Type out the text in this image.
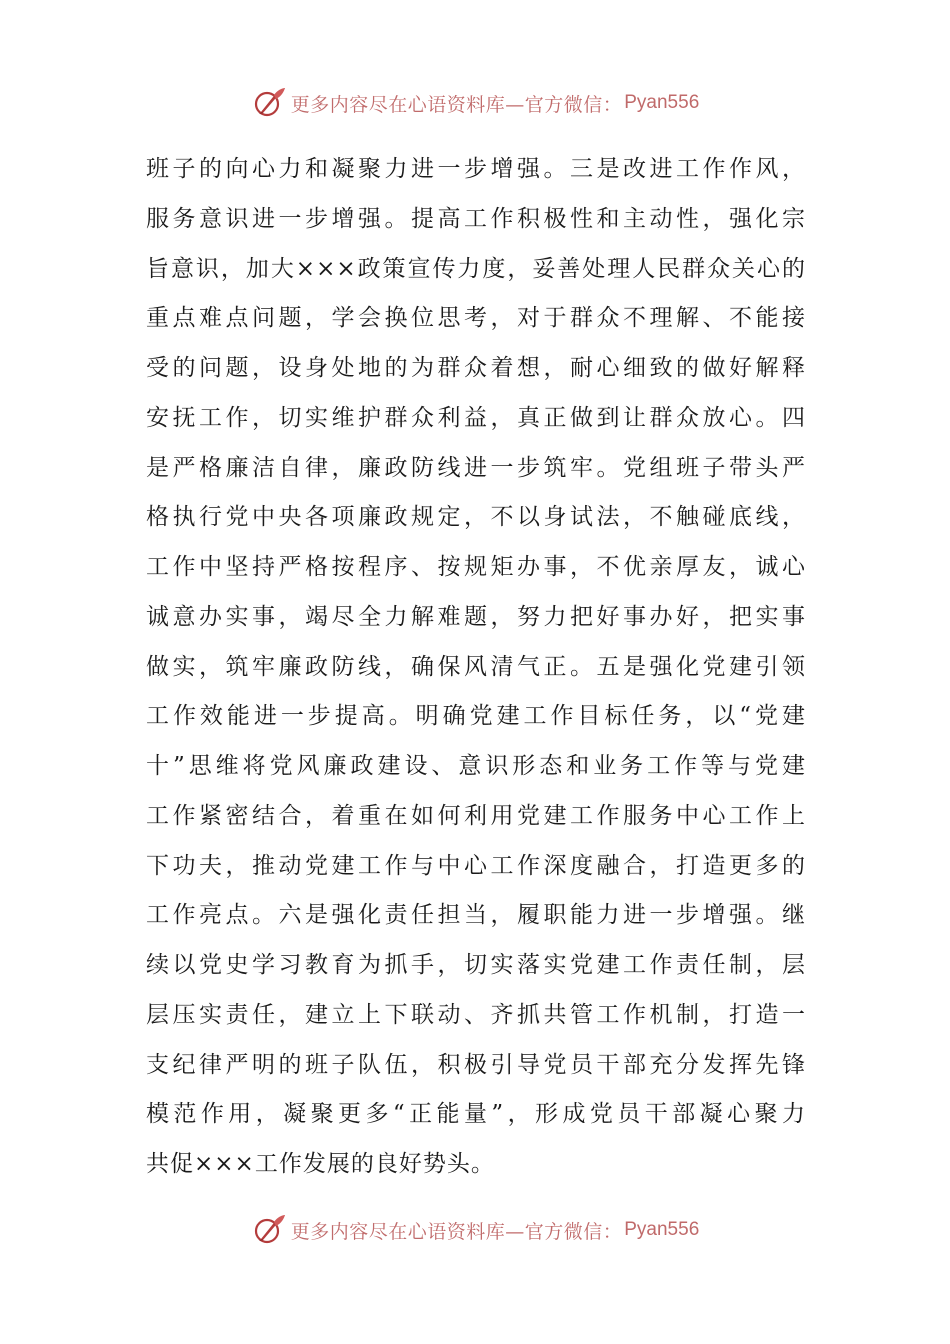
更多内容尽在心语资料库—官方微信： Pyan556
班子的向心力和凝聚力进一步增强。三是改进工作作风，
服务意识进一步增强。提高工作积极性和主动性，强化宗
旨意识，加大×××政策宣传力度，妥善处理人民群众关心的
重点难点问题，学会换位思考，对于群众不理解、不能接
受的问题，设身处地的为群众着想，耐心细致的做好解释
安抚工作，切实维护群众利益，真正做到让群众放心。四
是严格廉洁自律，廉政防线进一步筑牢。党组班子带头严
格执行党中央各项廉政规定，不以身试法，不触碰底线，
工作中坚持严格按程序、按规矩办事，不优亲厚友，诚心
诚意办实事，竭尽全力解难题，努力把好事办好，把实事
做实，筑牢廉政防线，确保风清气正。五是强化党建引领
工作效能进一步提高。明确党建工作目标任务，以“党建
十”思维将党风廉政建设、意识形态和业务工作等与党建
工作紧密结合，着重在如何利用党建工作服务中心工作上
下功夫，推动党建工作与中心工作深度融合，打造更多的
工作亮点。六是强化责任担当，履职能力进一步增强。继
续以党史学习教育为抓手，切实落实党建工作责任制，层
层压实责任，建立上下联动、齐抓共管工作机制，打造一
支纪律严明的班子队伍，积极引导党员干部充分发挥先锋
模范作用，凝聚更多“正能量”，形成党员干部凝心聚力
共促×××工作发展的良好势头。
更多内容尽在心语资料库—官方微信： Pyan556
